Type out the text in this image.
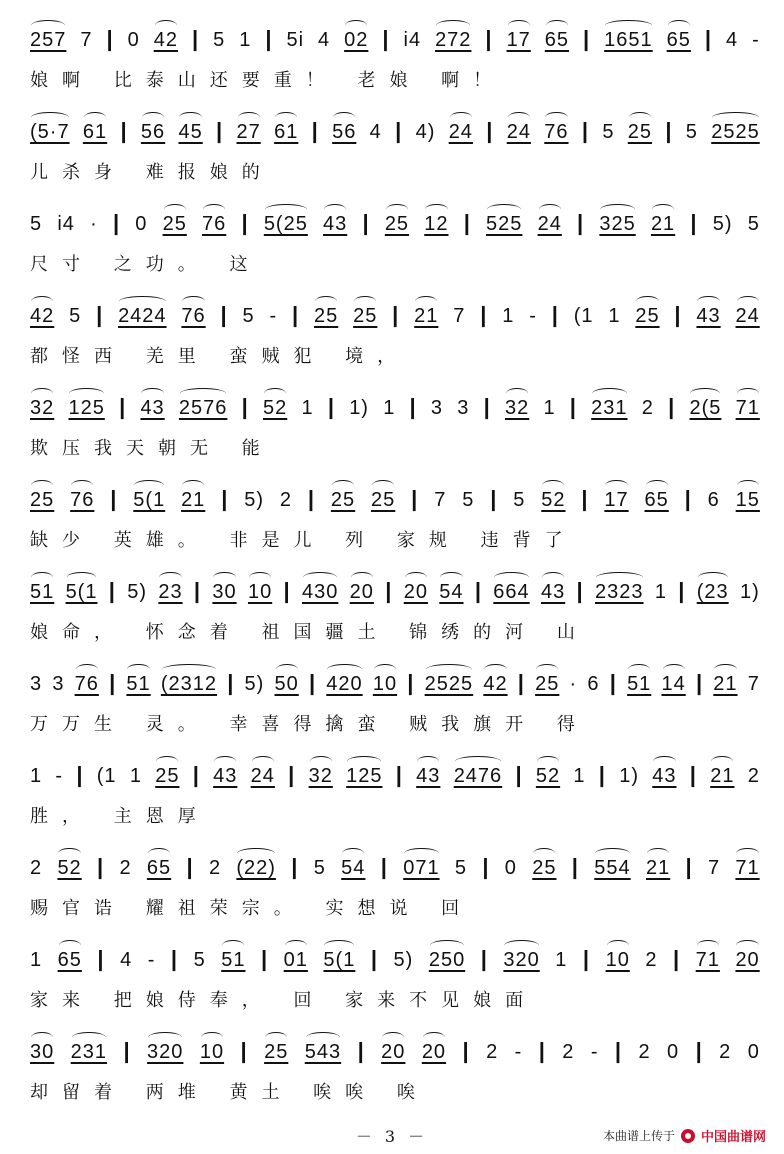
257 7 | 0 42 | 5 1 | 5i 4 02 | i4 272 | 17 65 | 1651 65 | 4 -
娘啊 比泰山还要重！ 老娘 啊！
(5·7 61 | 56 45 | 27 61 | 56 4 | 4) 24 | 24 76 | 5 25 | 5 2525
儿杀身 难报娘的
5 i4 · | 0 25 76 | 5(25 43 | 25 12 | 525 24 | 325 21 | 5) 5
尺寸 之功。 这
42 5 | 2424 76 | 5 - | 25 25 | 21 7 | 1 - | (1 1 25 | 43 24
都怪西 羌里 蛮贼犯 境，
32 125 | 43 2576 | 52 1 | 1) 1 | 3 3 | 32 1 | 231 2 | 2(5 71
欺压我天朝无 能
25 76 | 5(1 21 | 5) 2 | 25 25 | 7 5 | 5 52 | 17 65 | 6 15
缺少 英雄。 非是儿 列 家规 违背了
51 5(1 | 5) 23 | 30 10 | 430 20 | 20 54 | 664 43 | 2323 1 | (23 1)
娘命， 怀念着 祖国疆土 锦绣的河 山
3 3 76 | 51 (2312 | 5) 50 | 420 10 | 2525 42 | 25 · 6 | 51 14 | 21 7
万万生 灵。 幸喜得擒蛮 贼我旗开 得
1 - | (1 1 25 | 43 24 | 32 125 | 43 2476 | 52 1 | 1) 43 | 21 2
胜， 主恩厚
2 52 | 2 65 | 2 (22) | 5 54 | 071 5 | 0 25 | 554 21 | 7 71
赐官诰 耀祖荣宗。 实想说 回
1 65 | 4 - | 5 51 | 01 5(1 | 5) 250 | 320 1 | 10 2 | 71 20
家来 把娘侍奉， 回 家来不见娘面
30 231 | 320 10 | 25 543 | 20 20 | 2 - | 2 - | 2 0 | 2 0
却留着 两堆 黄土 唉唉 唉
－ 3 －	本曲谱上传于 中国曲谱网
